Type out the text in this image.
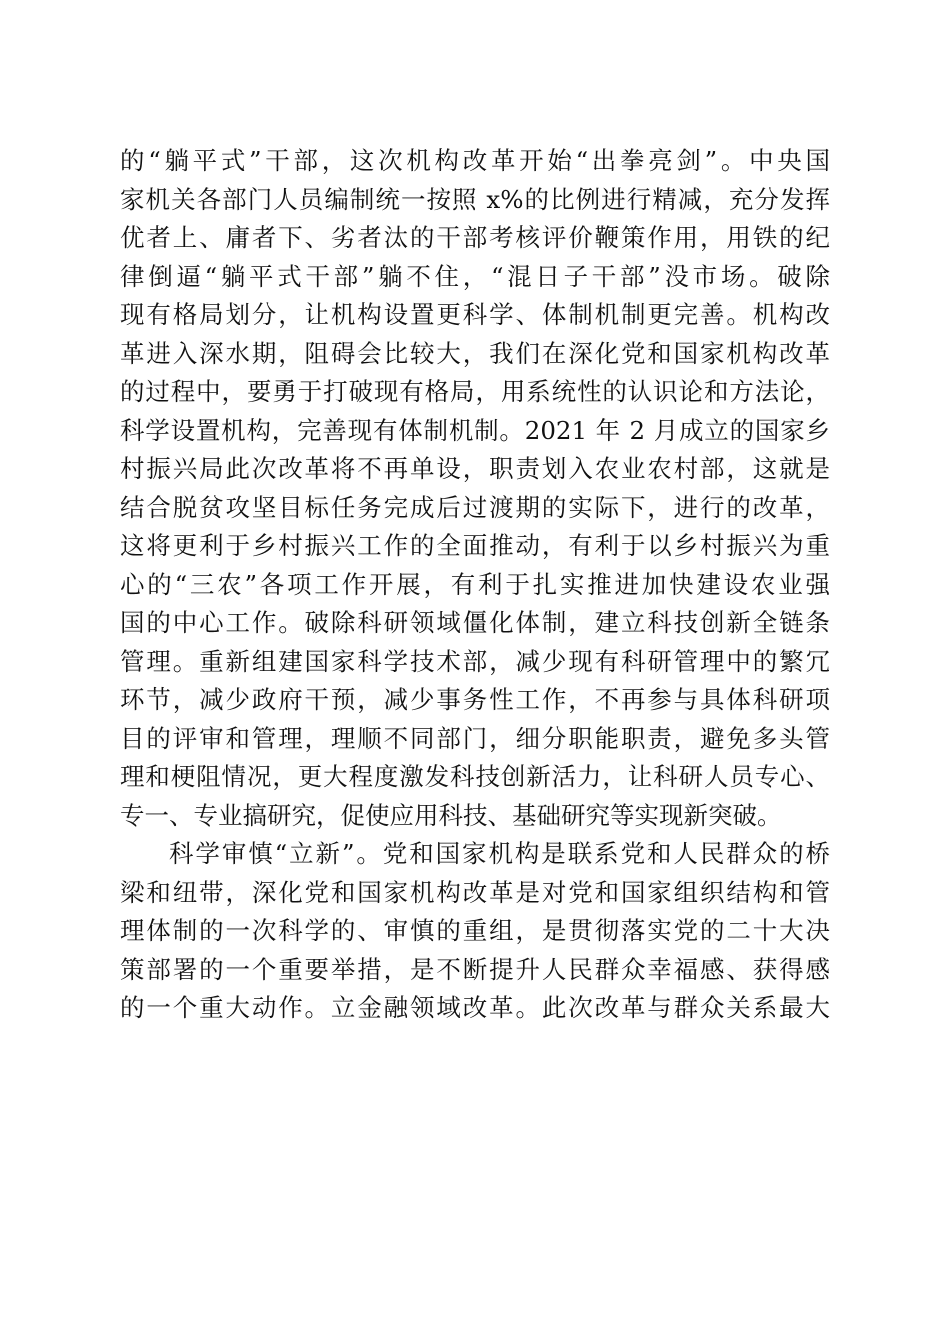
的“躺平式”干部，这次机构改革开始“出拳亮剑”。中央国
家机关各部门人员编制统一按照 x%的比例进行精减，充分发挥
优者上、庸者下、劣者汰的干部考核评价鞭策作用，用铁的纪
律倒逼“躺平式干部”躺不住，“混日子干部”没市场。破除
现有格局划分，让机构设置更科学、体制机制更完善。机构改
革进入深水期，阻碍会比较大，我们在深化党和国家机构改革
的过程中，要勇于打破现有格局，用系统性的认识论和方法论，
科学设置机构，完善现有体制机制。2021 年 2 月成立的国家乡
村振兴局此次改革将不再单设，职责划入农业农村部，这就是
结合脱贫攻坚目标任务完成后过渡期的实际下，进行的改革，
这将更利于乡村振兴工作的全面推动，有利于以乡村振兴为重
心的“三农”各项工作开展，有利于扎实推进加快建设农业强
国的中心工作。破除科研领域僵化体制，建立科技创新全链条
管理。重新组建国家科学技术部，减少现有科研管理中的繁冗
环节，减少政府干预，减少事务性工作，不再参与具体科研项
目的评审和管理，理顺不同部门，细分职能职责，避免多头管
理和梗阻情况，更大程度激发科技创新活力，让科研人员专心、
专一、专业搞研究，促使应用科技、基础研究等实现新突破。
科学审慎“立新”。党和国家机构是联系党和人民群众的桥
梁和纽带，深化党和国家机构改革是对党和国家组织结构和管
理体制的一次科学的、审慎的重组，是贯彻落实党的二十大决
策部署的一个重要举措，是不断提升人民群众幸福感、获得感
的一个重大动作。立金融领域改革。此次改革与群众关系最大
